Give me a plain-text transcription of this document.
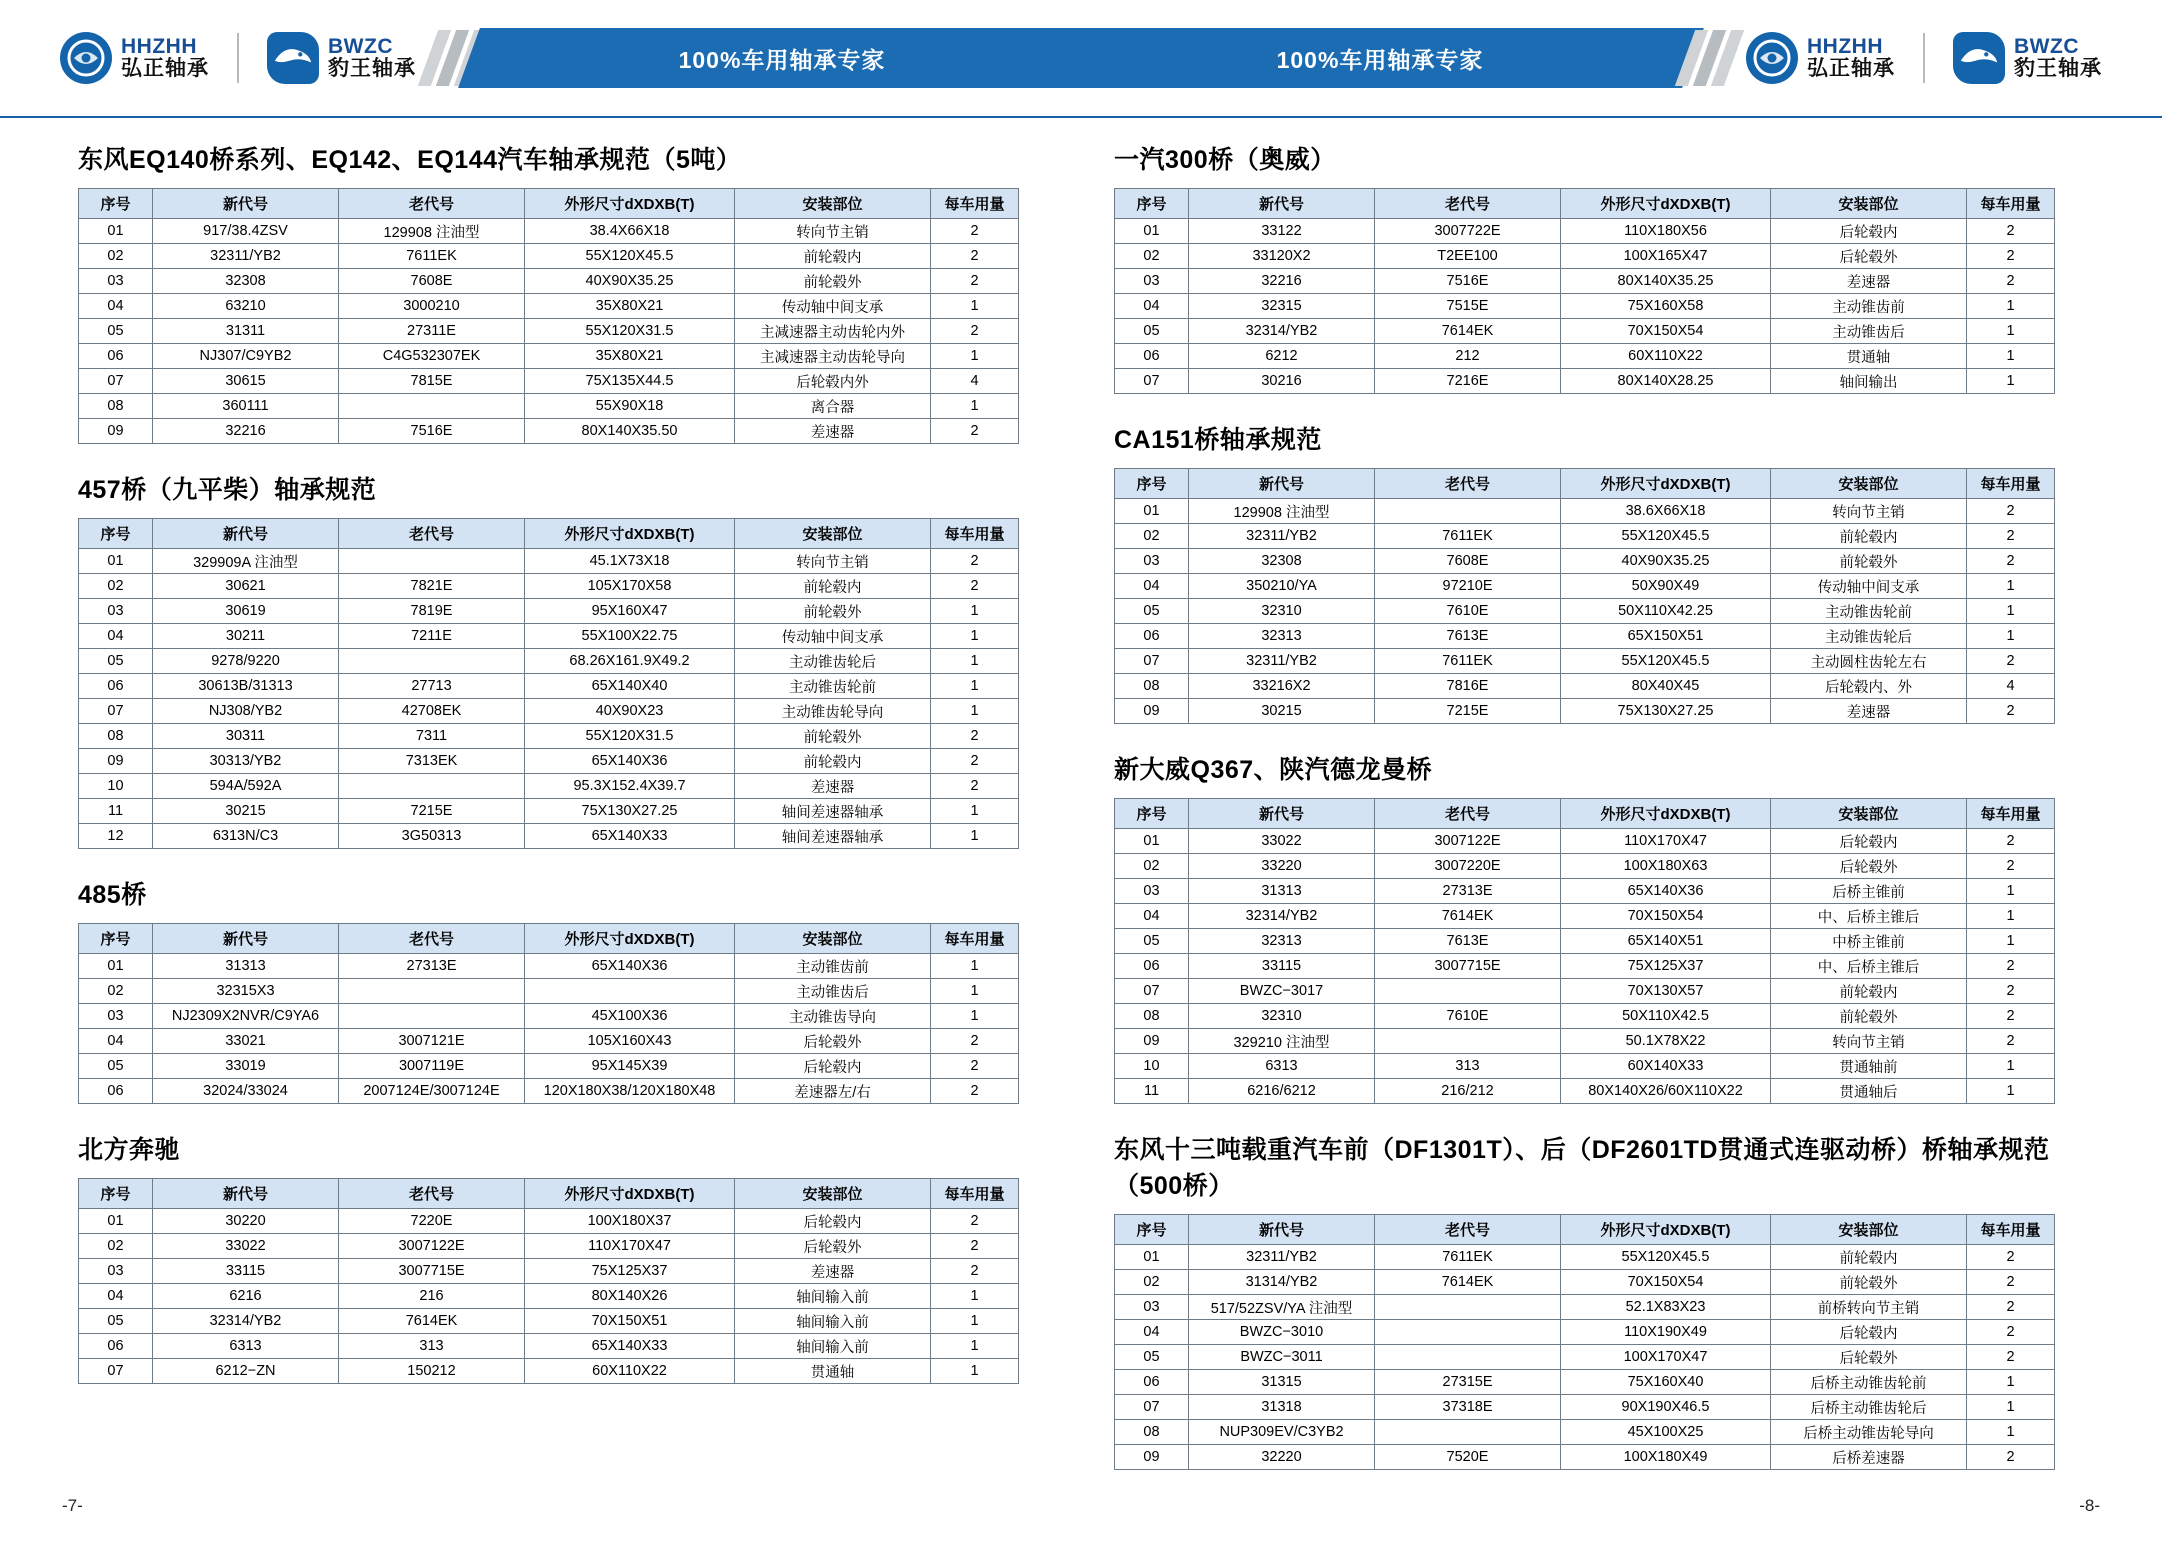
HHZHH
弘正轴承
BWZC
豹王轴承	100%车用轴承专家	100%车用轴承专家
HHZHH
弘正轴承
BWZC
豹王轴承
东风EQ140桥系列、EQ142、EQ144汽车轴承规范（5吨）
序号	新代号	老代号	外形尺寸dXDXB(T)	安装部位	每车用量
01	917/38.4ZSV	129908 注油型	38.4X66X18	转向节主销	2
02	32311/YB2	7611EK	55X120X45.5	前轮毂内	2
03	32308	7608E	40X90X35.25	前轮毂外	2
04	63210	3000210	35X80X21	传动轴中间支承	1
05	31311	27311E	55X120X31.5	主减速器主动齿轮内外	2
06	NJ307/C9YB2	C4G532307EK	35X80X21	主减速器主动齿轮导向	1
07	30615	7815E	75X135X44.5	后轮毂内外	4
08	360111		55X90X18	离合器	1
09	32216	7516E	80X140X35.50	差速器	2
457桥（九平柴）轴承规范
序号	新代号	老代号	外形尺寸dXDXB(T)	安装部位	每车用量
01	329909A 注油型		45.1X73X18	转向节主销	2
02	30621	7821E	105X170X58	前轮毂内	2
03	30619	7819E	95X160X47	前轮毂外	1
04	30211	7211E	55X100X22.75	传动轴中间支承	1
05	9278/9220		68.26X161.9X49.2	主动锥齿轮后	1
06	30613B/31313	27713	65X140X40	主动锥齿轮前	1
07	NJ308/YB2	42708EK	40X90X23	主动锥齿轮导向	1
08	30311	7311	55X120X31.5	前轮毂外	2
09	30313/YB2	7313EK	65X140X36	前轮毂内	2
10	594A/592A		95.3X152.4X39.7	差速器	2
11	30215	7215E	75X130X27.25	轴间差速器轴承	1
12	6313N/C3	3G50313	65X140X33	轴间差速器轴承	1
485桥
序号	新代号	老代号	外形尺寸dXDXB(T)	安装部位	每车用量
01	31313	27313E	65X140X36	主动锥齿前	1
02	32315X3			主动锥齿后	1
03	NJ2309X2NVR/C9YA6		45X100X36	主动锥齿导向	1
04	33021	3007121E	105X160X43	后轮毂外	2
05	33019	3007119E	95X145X39	后轮毂内	2
06	32024/33024	2007124E/3007124E	120X180X38/120X180X48	差速器左/右	2
北方奔驰
序号	新代号	老代号	外形尺寸dXDXB(T)	安装部位	每车用量
01	30220	7220E	100X180X37	后轮毂内	2
02	33022	3007122E	110X170X47	后轮毂外	2
03	33115	3007715E	75X125X37	差速器	2
04	6216	216	80X140X26	轴间输入前	1
05	32314/YB2	7614EK	70X150X51	轴间输入前	1
06	6313	313	65X140X33	轴间输入前	1
07	6212−ZN	150212	60X110X22	贯通轴	1
一汽300桥（奥威）
序号	新代号	老代号	外形尺寸dXDXB(T)	安装部位	每车用量
01	33122	3007722E	110X180X56	后轮毂内	2
02	33120X2	T2EE100	100X165X47	后轮毂外	2
03	32216	7516E	80X140X35.25	差速器	2
04	32315	7515E	75X160X58	主动锥齿前	1
05	32314/YB2	7614EK	70X150X54	主动锥齿后	1
06	6212	212	60X110X22	贯通轴	1
07	30216	7216E	80X140X28.25	轴间输出	1
CA151桥轴承规范
序号	新代号	老代号	外形尺寸dXDXB(T)	安装部位	每车用量
01	129908 注油型		38.6X66X18	转向节主销	2
02	32311/YB2	7611EK	55X120X45.5	前轮毂内	2
03	32308	7608E	40X90X35.25	前轮毂外	2
04	350210/YA	97210E	50X90X49	传动轴中间支承	1
05	32310	7610E	50X110X42.25	主动锥齿轮前	1
06	32313	7613E	65X150X51	主动锥齿轮后	1
07	32311/YB2	7611EK	55X120X45.5	主动圆柱齿轮左右	2
08	33216X2	7816E	80X40X45	后轮毂内、外	4
09	30215	7215E	75X130X27.25	差速器	2
新大威Q367、陕汽德龙曼桥
序号	新代号	老代号	外形尺寸dXDXB(T)	安装部位	每车用量
01	33022	3007122E	110X170X47	后轮毂内	2
02	33220	3007220E	100X180X63	后轮毂外	2
03	31313	27313E	65X140X36	后桥主锥前	1
04	32314/YB2	7614EK	70X150X54	中、后桥主锥后	1
05	32313	7613E	65X140X51	中桥主锥前	1
06	33115	3007715E	75X125X37	中、后桥主锥后	2
07	BWZC−3017		70X130X57	前轮毂内	2
08	32310	7610E	50X110X42.5	前轮毂外	2
09	329210 注油型		50.1X78X22	转向节主销	2
10	6313	313	60X140X33	贯通轴前	1
11	6216/6212	216/212	80X140X26/60X110X22	贯通轴后	1
东风十三吨载重汽车前（DF1301T）、后（DF2601TD贯通式连驱动桥）桥轴承规范（500桥）
序号	新代号	老代号	外形尺寸dXDXB(T)	安装部位	每车用量
01	32311/YB2	7611EK	55X120X45.5	前轮毂内	2
02	31314/YB2	7614EK	70X150X54	前轮毂外	2
03	517/52ZSV/YA 注油型		52.1X83X23	前桥转向节主销	2
04	BWZC−3010		110X190X49	后轮毂内	2
05	BWZC−3011		100X170X47	后轮毂外	2
06	31315	27315E	75X160X40	后桥主动锥齿轮前	1
07	31318	37318E	90X190X46.5	后桥主动锥齿轮后	1
08	NUP309EV/C3YB2		45X100X25	后桥主动锥齿轮导向	1
09	32220	7520E	100X180X49	后桥差速器	2
-7-	-8-
